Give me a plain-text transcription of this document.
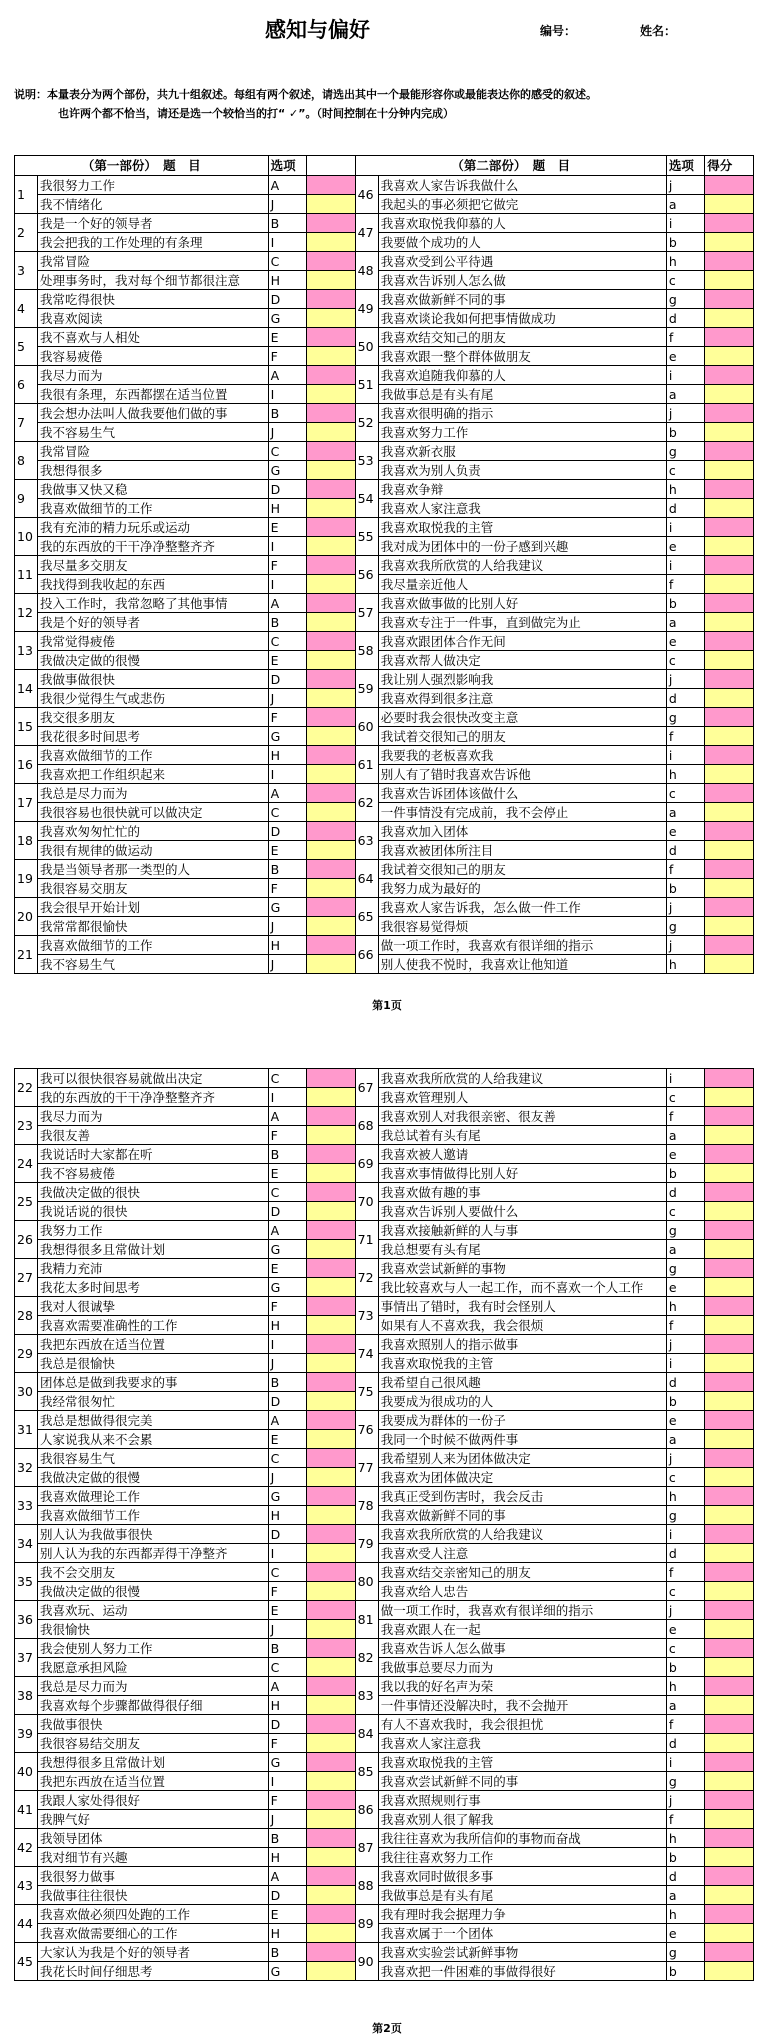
感知与偏好	编号：	姓名：
说明：本量表分为两个部份，共九十组叙述。每组有两个叙述，请选出其中一个最能形容你或最能表达你的感受的叙述。
也许两个都不恰当，请还是选一个较恰当的打“ ✓”。（时间控制在十分钟内完成）
（第一部份）　题　目		选项		（第二部份）　题　目		选项	得分
1	我很努力工作	A		46	我喜欢人家告诉我做什么	j	
	我不情绪化	J			我起头的事必须把它做完	a	
2	我是一个好的领导者	B		47	我喜欢取悦我仰慕的人	i	
	我会把我的工作处理的有条理	I			我要做个成功的人	b	
3	我常冒险	C		48	我喜欢受到公平待遇	h	
	处理事务时，我对每个细节都很注意	H			我喜欢告诉别人怎么做	c	
4	我常吃得很快	D		49	我喜欢做新鲜不同的事	g	
	我喜欢阅读	G			我喜欢谈论我如何把事情做成功	d	
5	我不喜欢与人相处	E		50	我喜欢结交知己的朋友	f	
	我容易疲倦	F			我喜欢跟一整个群体做朋友	e	
6	我尽力而为	A		51	我喜欢追随我仰慕的人	i	
	我很有条理，东西都摆在适当位置	I			我做事总是有头有尾	a	
7	我会想办法叫人做我要他们做的事	B		52	我喜欢很明确的指示	j	
	我不容易生气	J			我喜欢努力工作	b	
8	我常冒险	C		53	我喜欢新衣服	g	
	我想得很多	G			我喜欢为别人负责	c	
9	我做事又快又稳	D		54	我喜欢争辩	h	
	我喜欢做细节的工作	H			我喜欢人家注意我	d	
10	我有充沛的精力玩乐或运动	E		55	我喜欢取悦我的主管	i	
	我的东西放的干干净净整整齐齐	I			我对成为团体中的一份子感到兴趣	e	
11	我尽量多交朋友	F		56	我喜欢我所欣赏的人给我建议	i	
	我找得到我收起的东西	I			我尽量亲近他人	f	
12	投入工作时，我常忽略了其他事情	A		57	我喜欢做事做的比别人好	b	
	我是个好的领导者	B			我喜欢专注于一件事，直到做完为止	a	
13	我常觉得疲倦	C		58	我喜欢跟团体合作无间	e	
	我做决定做的很慢	E			我喜欢帮人做决定	c	
14	我做事做很快	D		59	我让别人强烈影响我	j	
	我很少觉得生气或悲伤	J			我喜欢得到很多注意	d	
15	我交很多朋友	F		60	必要时我会很快改变主意	g	
	我花很多时间思考	G			我试着交很知己的朋友	f	
16	我喜欢做细节的工作	H		61	我要我的老板喜欢我	i	
	我喜欢把工作组织起来	I			别人有了错时我喜欢告诉他	h	
17	我总是尽力而为	A		62	我喜欢告诉团体该做什么	c	
	我很容易也很快就可以做决定	C			一件事情没有完成前，我不会停止	a	
18	我喜欢匆匆忙忙的	D		63	我喜欢加入团体	e	
	我很有规律的做运动	E			我喜欢被团体所注目	d	
19	我是当领导者那一类型的人	B		64	我试着交很知己的朋友	f	
	我很容易交朋友	F			我努力成为最好的	b	
20	我会很早开始计划	G		65	我喜欢人家告诉我，怎么做一件工作	j	
	我常常都很愉快	J			我很容易觉得烦	g	
21	我喜欢做细节的工作	H		66	做一项工作时，我喜欢有很详细的指示	j	
	我不容易生气	J			别人使我不悦时，我喜欢让他知道	h	
第1页
22	我可以很快很容易就做出决定	C		67	我喜欢我所欣赏的人给我建议	i	
	我的东西放的干干净净整整齐齐	I			我喜欢管理别人	c	
23	我尽力而为	A		68	我喜欢别人对我很亲密、很友善	f	
	我很友善	F			我总试着有头有尾	a	
24	我说话时大家都在听	B		69	我喜欢被人邀请	e	
	我不容易疲倦	E			我喜欢事情做得比别人好	b	
25	我做决定做的很快	C		70	我喜欢做有趣的事	d	
	我说话说的很快	D			我喜欢告诉别人要做什么	c	
26	我努力工作	A		71	我喜欢接触新鲜的人与事	g	
	我想得很多且常做计划	G			我总想要有头有尾	a	
27	我精力充沛	E		72	我喜欢尝试新鲜的事物	g	
	我花太多时间思考	G			我比较喜欢与人一起工作，而不喜欢一个人工作	e	
28	我对人很诚挚	F		73	事情出了错时，我有时会怪别人	h	
	我喜欢需要准确性的工作	H			如果有人不喜欢我，我会很烦	f	
29	我把东西放在适当位置	I		74	我喜欢照别人的指示做事	j	
	我总是很愉快	J			我喜欢取悦我的主管	i	
30	团体总是做到我要求的事	B		75	我希望自己很风趣	d	
	我经常很匆忙	D			我要成为很成功的人	b	
31	我总是想做得很完美	A		76	我要成为群体的一份子	e	
	人家说我从来不会累	E			我同一个时候不做两件事	a	
32	我很容易生气	C		77	我希望别人来为团体做决定	j	
	我做决定做的很慢	J			我喜欢为团体做决定	c	
33	我喜欢做理论工作	G		78	我真正受到伤害时，我会反击	h	
	我喜欢做细节工作	H			我喜欢做新鲜不同的事	g	
34	别人认为我做事很快	D		79	我喜欢我所欣赏的人给我建议	i	
	别人认为我的东西都弄得干净整齐	I			我喜欢受人注意	d	
35	我不会交朋友	C		80	我喜欢结交亲密知己的朋友	f	
	我做决定做的很慢	F			我喜欢给人忠告	c	
36	我喜欢玩、运动	E		81	做一项工作时，我喜欢有很详细的指示	j	
	我很愉快	J			我喜欢跟人在一起	e	
37	我会使别人努力工作	B		82	我喜欢告诉人怎么做事	c	
	我愿意承担风险	C			我做事总要尽力而为	b	
38	我总是尽力而为	A		83	我以我的好名声为荣	h	
	我喜欢每个步骤都做得很仔细	H			一件事情还没解决时，我不会抛开	a	
39	我做事很快	D		84	有人不喜欢我时，我会很担忧	f	
	我很容易结交朋友	F			我喜欢人家注意我	d	
40	我想得很多且常做计划	G		85	我喜欢取悦我的主管	i	
	我把东西放在适当位置	I			我喜欢尝试新鲜不同的事	g	
41	我跟人家处得很好	F		86	我喜欢照规则行事	j	
	我脾气好	J			我喜欢别人很了解我	f	
42	我领导团体	B		87	我往往喜欢为我所信仰的事物而奋战	h	
	我对细节有兴趣	H			我往往喜欢努力工作	b	
43	我很努力做事	A		88	我喜欢同时做很多事	d	
	我做事往往很快	D			我做事总是有头有尾	a	
44	我喜欢做必须四处跑的工作	E		89	我有理时我会据理力争	h	
	我喜欢做需要细心的工作	H			我喜欢属于一个团体	e	
45	大家认为我是个好的领导者	B		90	我喜欢实验尝试新鲜事物	g	
	我花长时间仔细思考	G			我喜欢把一件困难的事做得很好	b	
第2页
